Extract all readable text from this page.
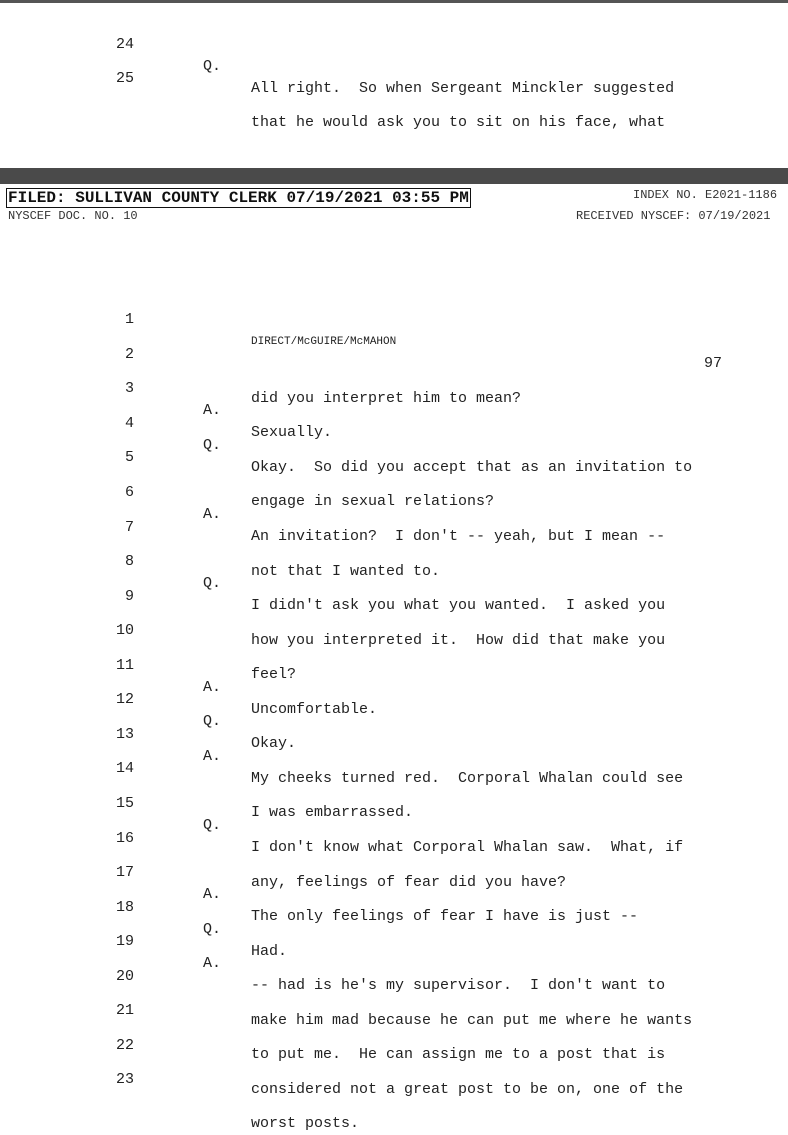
24

Q.

All right.  So when Sergeant Minckler suggested

25

that he would ask you to sit on his face, what

FILED: SULLIVAN COUNTY CLERK 07/19/2021 03:55 PM	INDEX NO. E2021-1186
NYSCEF DOC. NO. 10	RECEIVED NYSCEF: 07/19/2021

1

DIRECT/McGUIRE/McMAHON

97

2

did you interpret him to mean?

3

A.

Sexually.

4

Q.

Okay.  So did you accept that as an invitation to

5

engage in sexual relations?

6

A.

An invitation?  I don't -- yeah, but I mean --

7

not that I wanted to.

8

Q.

I didn't ask you what you wanted.  I asked you

9

how you interpreted it.  How did that make you

10

feel?

11

A.

Uncomfortable.

12

Q.

Okay.

13

A.

My cheeks turned red.  Corporal Whalan could see

14

I was embarrassed.

15

Q.

I don't know what Corporal Whalan saw.  What, if

16

any, feelings of fear did you have?

17

A.

The only feelings of fear I have is just --

18

Q.

Had.

19

A.

-- had is he's my supervisor.  I don't want to

20

make him mad because he can put me where he wants

21

to put me.  He can assign me to a post that is

22

considered not a great post to be on, one of the

23

worst posts.
